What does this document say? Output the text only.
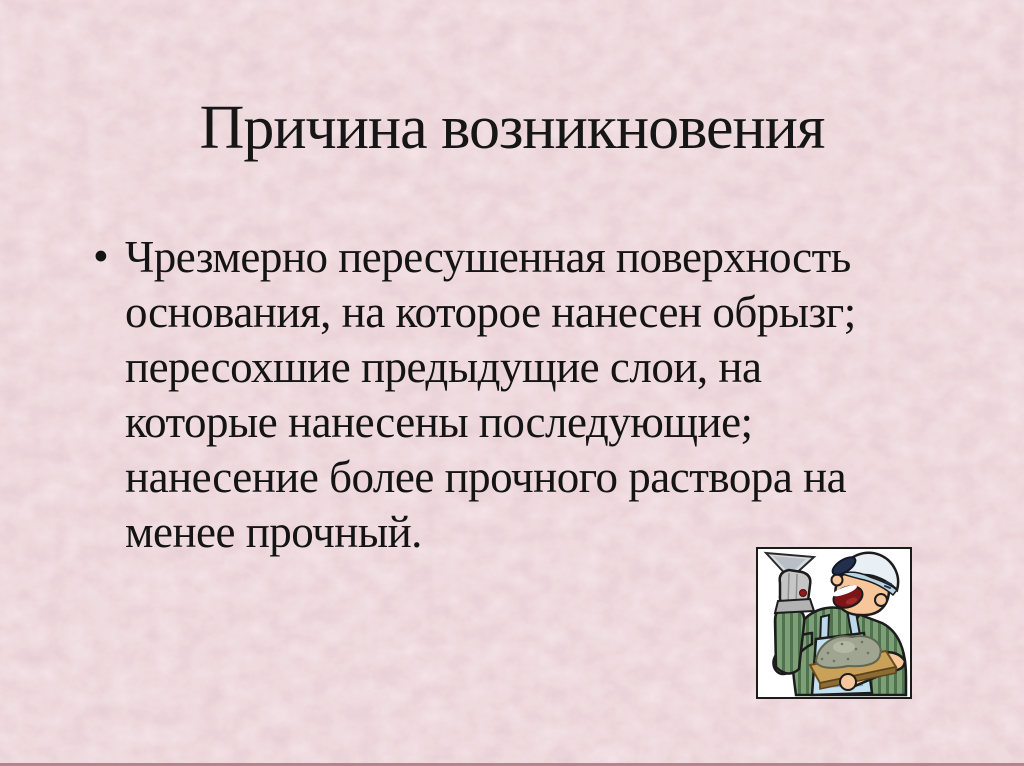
Причина возникновения
• Чрезмерно пересушенная поверхность
основания, на которое нанесен обрызг;
пересохшие предыдущие слои, на
которые нанесены последующие;
нанесение более прочного раствора на
менее прочный.
